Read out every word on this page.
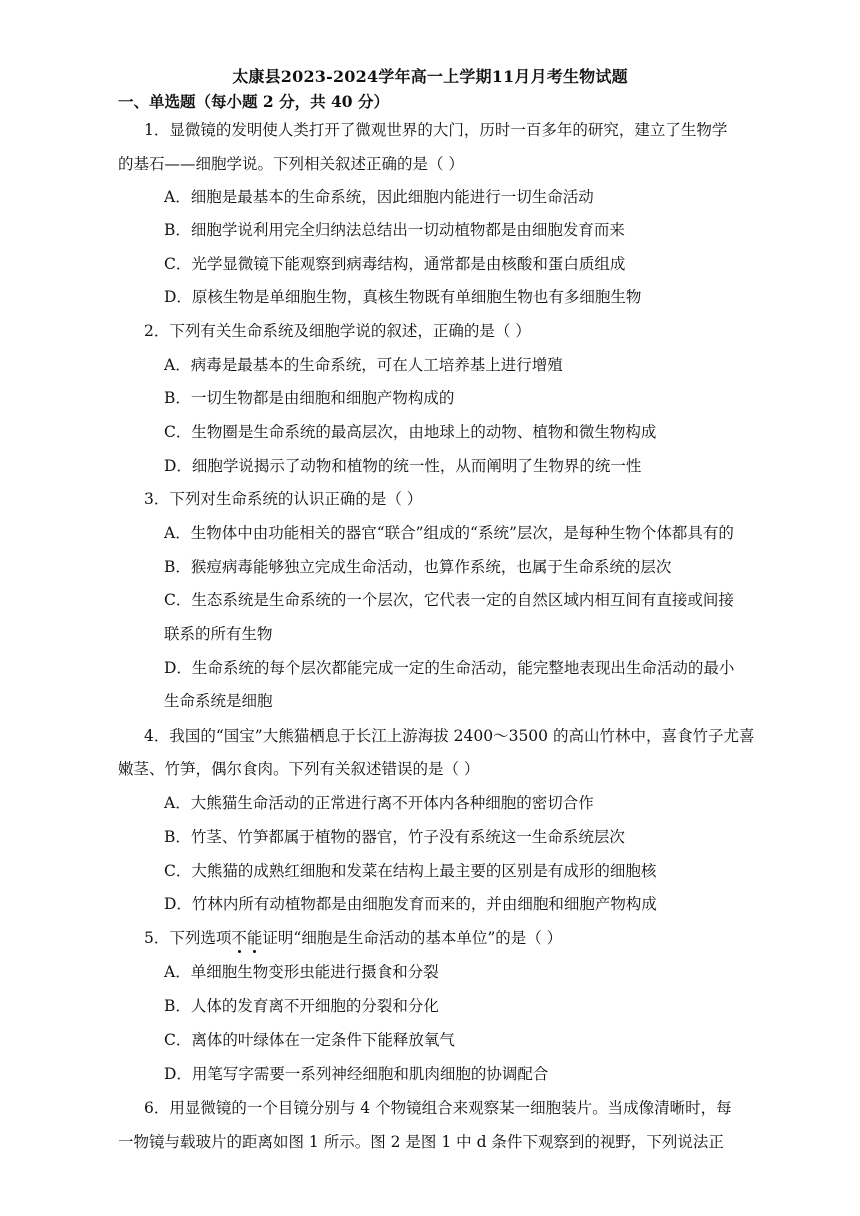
太康县2023-2024学年高一上学期11月月考生物试题
一、单选题（每小题 2 分，共 40 分）
1．显微镜的发明使人类打开了微观世界的大门，历时一百多年的研究，建立了生物学
的基石——细胞学说。下列相关叙述正确的是（ ）
A．细胞是最基本的生命系统，因此细胞内能进行一切生命活动
B．细胞学说利用完全归纳法总结出一切动植物都是由细胞发育而来
C．光学显微镜下能观察到病毒结构，通常都是由核酸和蛋白质组成
D．原核生物是单细胞生物，真核生物既有单细胞生物也有多细胞生物
2．下列有关生命系统及细胞学说的叙述，正确的是（ ）
A．病毒是最基本的生命系统，可在人工培养基上进行增殖
B．一切生物都是由细胞和细胞产物构成的
C．生物圈是生命系统的最高层次，由地球上的动物、植物和微生物构成
D．细胞学说揭示了动物和植物的统一性，从而阐明了生物界的统一性
3．下列对生命系统的认识正确的是（ ）
A．生物体中由功能相关的器官“联合”组成的“系统”层次，是每种生物个体都具有的
B．猴痘病毒能够独立完成生命活动，也算作系统，也属于生命系统的层次
C．生态系统是生命系统的一个层次，它代表一定的自然区域内相互间有直接或间接
联系的所有生物
D．生命系统的每个层次都能完成一定的生命活动，能完整地表现出生命活动的最小
生命系统是细胞
4．我国的“国宝”大熊猫栖息于长江上游海拔 2400～3500 的高山竹林中，喜食竹子尤喜
嫩茎、竹笋，偶尔食肉。下列有关叙述错误的是（ ）
A．大熊猫生命活动的正常进行离不开体内各种细胞的密切合作
B．竹茎、竹笋都属于植物的器官，竹子没有系统这一生命系统层次
C．大熊猫的成熟红细胞和发菜在结构上最主要的区别是有成形的细胞核
D．竹林内所有动植物都是由细胞发育而来的，并由细胞和细胞产物构成
5．下列选项不
能
证明“细胞是生命活动的基本单位”的是（ ）
A．单细胞生物变形虫能进行摄食和分裂
B．人体的发育离不开细胞的分裂和分化
C．离体的叶绿体在一定条件下能释放氧气
D．用笔写字需要一系列神经细胞和肌肉细胞的协调配合
6．用显微镜的一个目镜分别与 4 个物镜组合来观察某一细胞装片。当成像清晰时，每
一物镜与载玻片的距离如图 1 所示。图 2 是图 1 中 d 条件下观察到的视野，下列说法正
